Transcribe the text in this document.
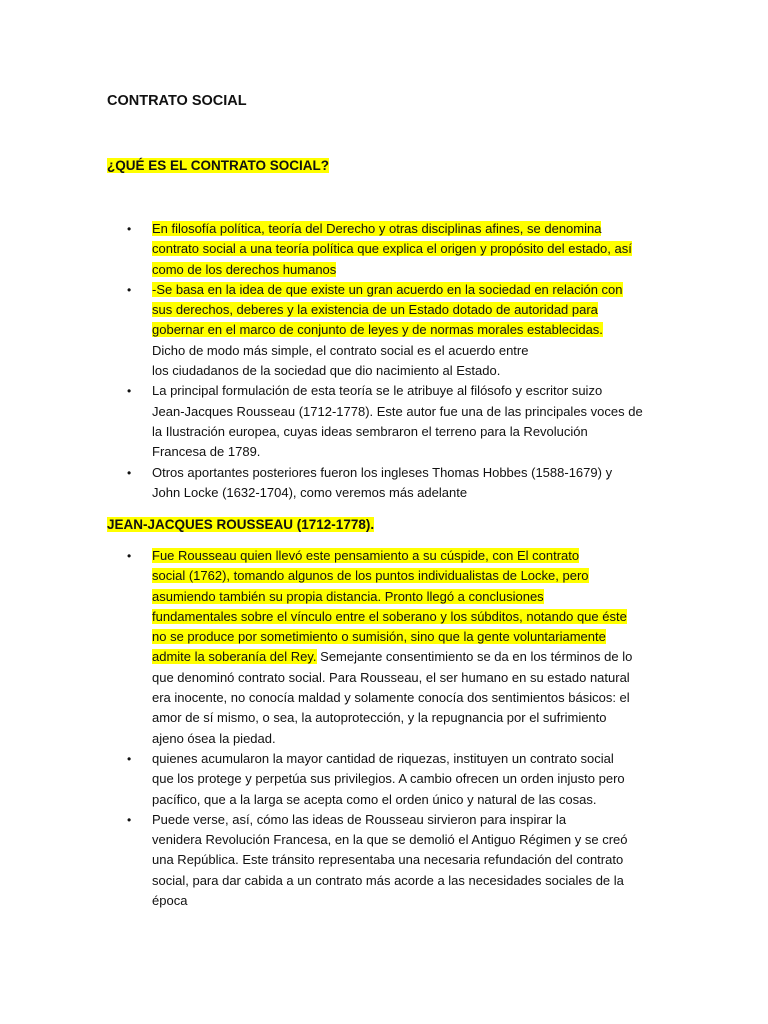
CONTRATO SOCIAL
¿QUÉ ES EL CONTRATO SOCIAL?
• En filosofía política, teoría del Derecho y otras disciplinas afines, se denomina
contrato social a una teoría política que explica el origen y propósito del estado, así
como de los derechos humanos
• -Se basa en la idea de que existe un gran acuerdo en la sociedad en relación con
sus derechos, deberes y la existencia de un Estado dotado de autoridad para
gobernar en el marco de conjunto de leyes y de normas morales establecidas.
Dicho de modo más simple, el contrato social es el acuerdo entre
los ciudadanos de la sociedad que dio nacimiento al Estado.
• La principal formulación de esta teoría se le atribuye al filósofo y escritor suizo
Jean-Jacques Rousseau (1712-1778). Este autor fue una de las principales voces de
la Ilustración europea, cuyas ideas sembraron el terreno para la Revolución
Francesa de 1789.
• Otros aportantes posteriores fueron los ingleses Thomas Hobbes (1588-1679) y
John Locke (1632-1704), como veremos más adelante
JEAN-JACQUES ROUSSEAU (1712-1778).
• Fue Rousseau quien llevó este pensamiento a su cúspide, con El contrato
social (1762), tomando algunos de los puntos individualistas de Locke, pero
asumiendo también su propia distancia. Pronto llegó a conclusiones
fundamentales sobre el vínculo entre el soberano y los súbditos, notando que éste
no se produce por sometimiento o sumisión, sino que la gente voluntariamente
admite la soberanía del Rey. Semejante consentimiento se da en los términos de lo
que denominó contrato social. Para Rousseau, el ser humano en su estado natural
era inocente, no conocía maldad y solamente conocía dos sentimientos básicos: el
amor de sí mismo, o sea, la autoprotección, y la repugnancia por el sufrimiento
ajeno ósea la piedad.
• quienes acumularon la mayor cantidad de riquezas, instituyen un contrato social
que los protege y perpetúa sus privilegios. A cambio ofrecen un orden injusto pero
pacífico, que a la larga se acepta como el orden único y natural de las cosas.
• Puede verse, así, cómo las ideas de Rousseau sirvieron para inspirar la
venidera Revolución Francesa, en la que se demolió el Antiguo Régimen y se creó
una República. Este tránsito representaba una necesaria refundación del contrato
social, para dar cabida a un contrato más acorde a las necesidades sociales de la
época
